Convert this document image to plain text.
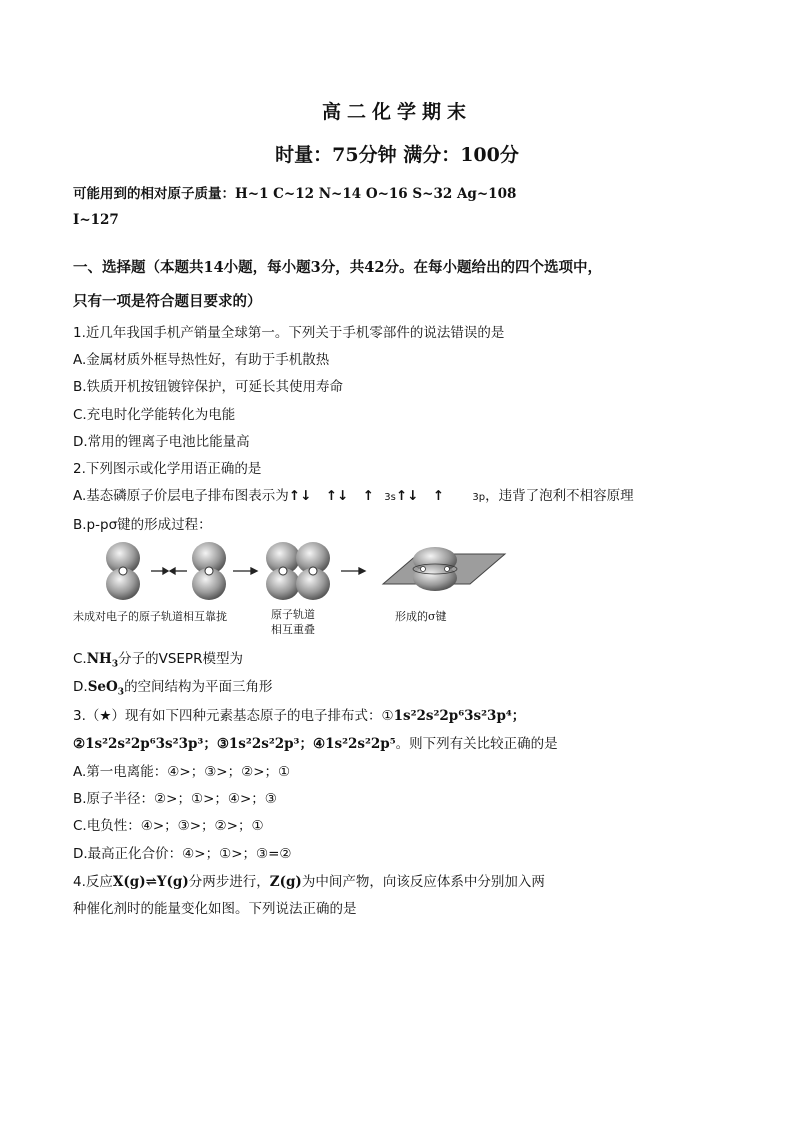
高二化学期末
时量：75分钟 满分：100分
可能用到的相对原子质量：H~1 C~12 N~14 O~16 S~32 Ag~108
I~127
一、选择题（本题共14小题，每小题3分，共42分。在每小题给出的四个选项中，
只有一项是符合题目要求的）
1.近几年我国手机产销量全球第一。下列关于手机零部件的说法错误的是
A.金属材质外框导热性好，有助于手机散热
B.铁质开机按钮镀锌保护，可延长其使用寿命
C.充电时化学能转化为电能
D.常用的锂离子电池比能量高
2.下列图示或化学用语正确的是
A.基态磷原子价层电子排布图表示为↑↓ ↑↓ ↑ 3s↑↓ ↑	3p，违背了泡利不相容原理
B.p-pσ键的形成过程：
未成对电子的原子轨道相互靠拢	原子轨道
相互重叠
形成的σ键
$C.NH_3$分子的VSEPR模型为
D.SeO$_3$的空间结构为平面三角形
3.（★）现有如下四种元素基态原子的电子排布式：①1s²2s²2p⁶3s²3p⁴；
②1s²2s²2p⁶3s²3p³；③1s²2s²2p³；④1s²2s²2p⁵。则下列有关比较正确的是
A.第一电离能：④>；③>；②>；①
B.原子半径：②>；①>；④>；③
C.电负性：④>；③>；②>；①
D.最高正化合价：④>；①>；③=②
4.反应X(g)⇌Y(g)分两步进行，Z(g)为中间产物，向该反应体系中分别加入两
种催化剂时的能量变化如图。下列说法正确的是
